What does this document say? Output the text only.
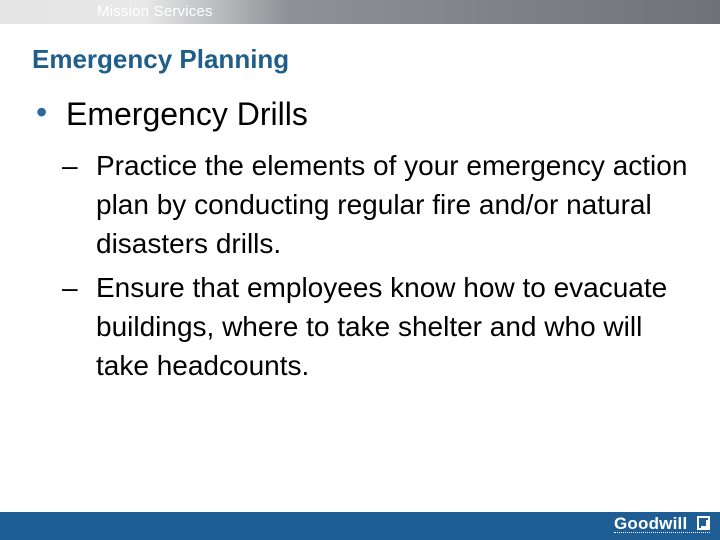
Mission Services
Emergency Planning
• Emergency Drills
– Practice the elements of your emergency action plan by conducting regular fire and/or natural disasters drills.
– Ensure that employees know how to evacuate buildings, where to take shelter and who will take headcounts.
Goodwill
